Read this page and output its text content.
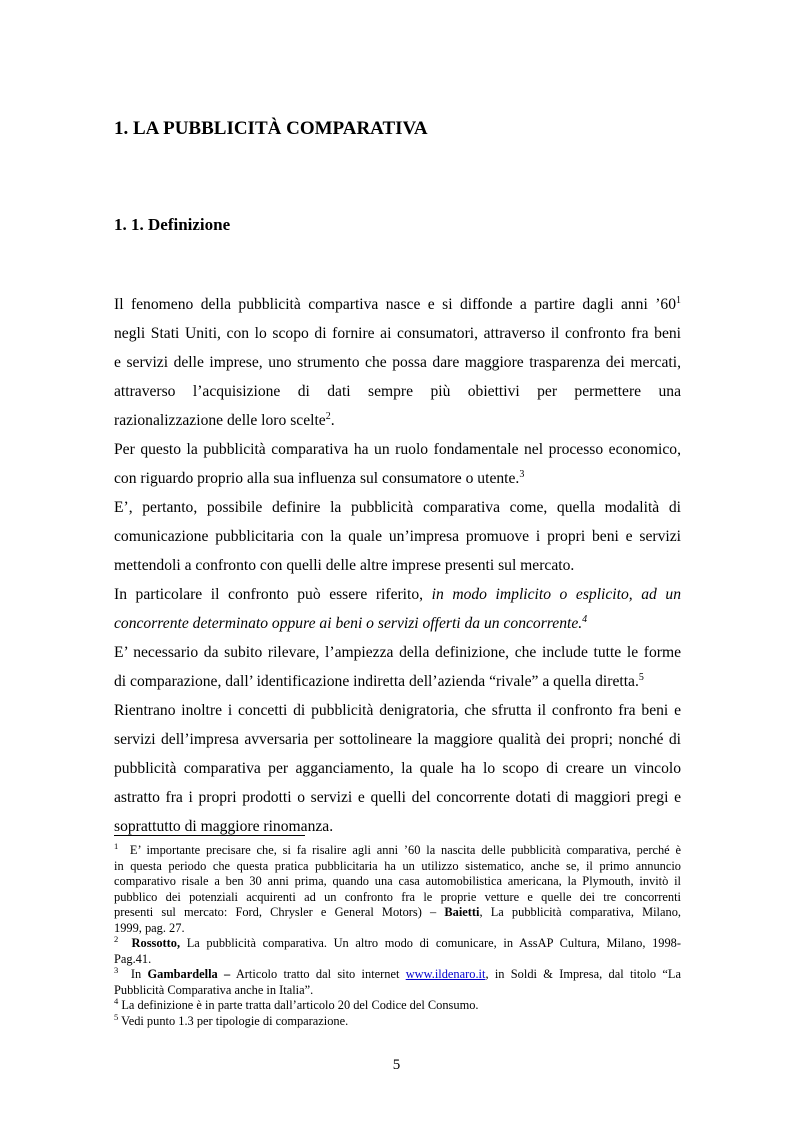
1. LA PUBBLICITÀ COMPARATIVA
1. 1. Definizione

Il fenomeno della pubblicità compartiva nasce e si diffonde a partire dagli anni $’60^1$
negli Stati Uniti, con lo scopo di fornire ai consumatori, attraverso il confronto fra beni
e servizi delle imprese, uno strumento che possa dare maggiore trasparenza dei mercati,
attraverso l’acquisizione di dati sempre più obiettivi per permettere una
razionalizzazione delle loro scelte$^2$.

Per questo la pubblicità comparativa ha un ruolo fondamentale nel processo economico,
con riguardo proprio alla sua influenza sul consumatore o utente.$^3$

E’, pertanto, possibile definire la pubblicità comparativa come, quella modalità di
comunicazione pubblicitaria con la quale un’impresa promuove i propri beni e servizi
mettendoli a confronto con quelli delle altre imprese presenti sul mercato.

In particolare il confronto può essere riferito, in modo implicito o esplicito, ad un
concorrente determinato oppure ai beni o servizi offerti da un concorrente.$^4$

E’ necessario da subito rilevare, l’ampiezza della definizione, che include tutte le forme
di comparazione, dall’ identificazione indiretta dell’azienda “rivale” a quella diretta.$^5$

Rientrano inoltre i concetti di pubblicità denigratoria, che sfrutta il confronto fra beni e
servizi dell’impresa avversaria per sottolineare la maggiore qualità dei propri; nonché di
pubblicità comparativa per agganciamento, la quale ha lo scopo di creare un vincolo
astratto fra i propri prodotti o servizi e quelli del concorrente dotati di maggiori pregi e
soprattutto di maggiore rinomanza.

$^1$ E’ importante precisare che, si fa risalire agli anni ’60 la nascita delle pubblicità comparativa, perché è
in questa periodo che questa pratica pubblicitaria ha un utilizzo sistematico, anche se, il primo annuncio
comparativo risale a ben 30 anni prima, quando una casa automobilistica americana, la Plymouth, invitò il
pubblico dei potenziali acquirenti ad un confronto fra le proprie vetture e quelle dei tre concorrenti
presenti sul mercato: Ford, Chrysler e General Motors) – Baietti, La pubblicità comparativa, Milano,
1999, pag. 27.
$^2$ Rossotto, La pubblicità comparativa. Un altro modo di comunicare, in AssAP Cultura, Milano, 1998-
Pag.41.
$^3$ In Gambardella – Articolo tratto dal sito internet www.ildenaro.it, in Soldi & Impresa, dal titolo “La
Pubblicità Comparativa anche in Italia”.
$^4$ La definizione è in parte tratta dall’articolo 20 del Codice del Consumo.
$^5$ Vedi punto 1.3 per tipologie di comparazione.
5
